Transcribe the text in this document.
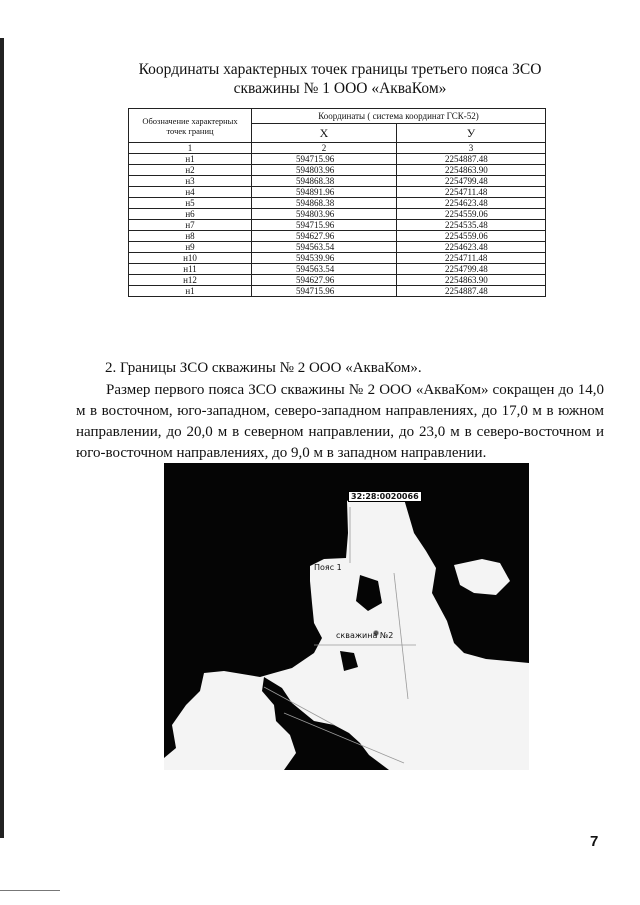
Координаты характерных точек границы третьего пояса ЗСО
скважины № 1 ООО «АкваКом»
Обозначение характерных точек границ	Координаты ( система координат ГСК-52)	
	Х	У
1	2	3
н1	594715.96	2254887.48
н2	594803.96	2254863.90
н3	594868.38	2254799.48
н4	594891.96	2254711.48
н5	594868.38	2254623.48
н6	594803.96	2254559.06
н7	594715.96	2254535.48
н8	594627.96	2254559.06
н9	594563.54	2254623.48
н10	594539.96	2254711.48
н11	594563.54	2254799.48
н12	594627.96	2254863.90
н1	594715.96	2254887.48
2. Границы ЗСО скважины № 2 ООО «АкваКом».
Размер первого пояса ЗСО скважины № 2 ООО «АкваКом» сокращен до 14,0 м в восточном, юго-западном, северо-западном направлениях, до 17,0 м в южном направлении, до 20,0 м в северном направлении, до 23,0 м в северо-восточном и юго-восточном направлениях, до 9,0 м в западном направлении.
32:28:0020066
Пояс 1
скважина №2
7
